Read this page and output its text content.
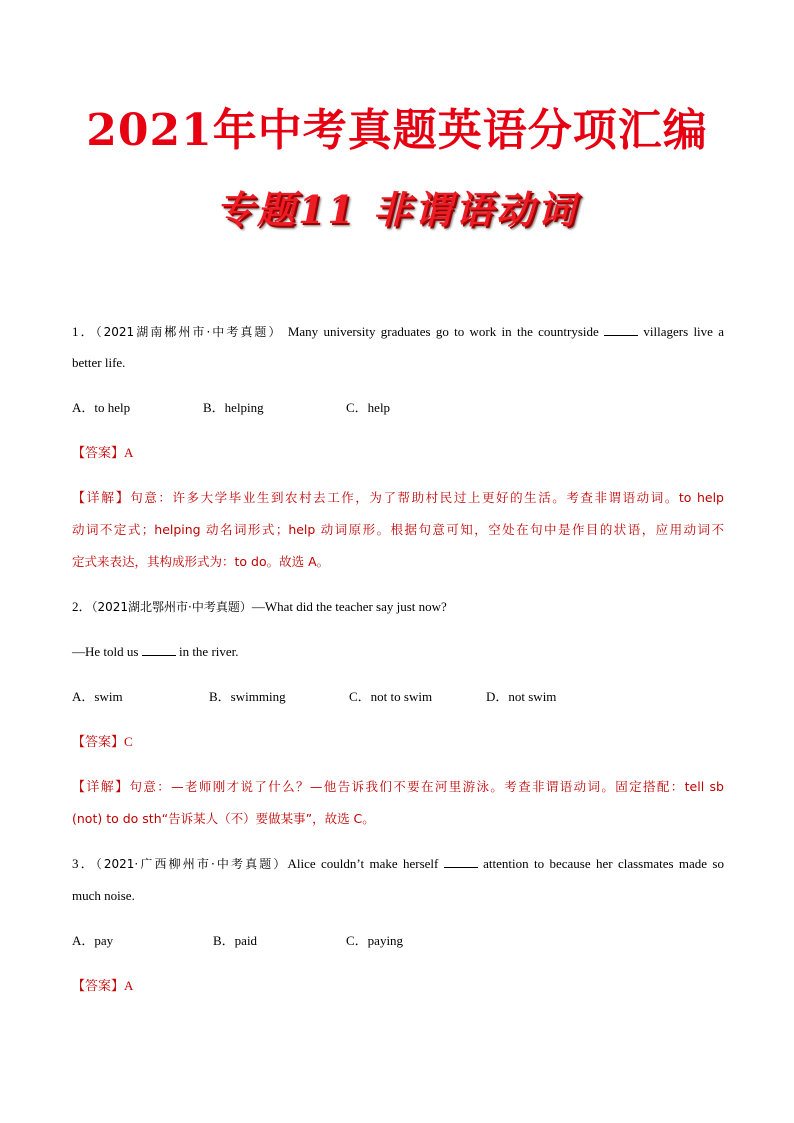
2021年中考真题英语分项汇编
专题11 非谓语动词
1．（2021湖南郴州市·中考真题） Many university graduates go to work in the countryside	villagers live a
better life.
A．to help	B．helping	C．help
【答案】A
【详解】句意：许多大学毕业生到农村去工作，为了帮助村民过上更好的生活。考查非谓语动词。to help
动词不定式；helping 动名词形式；help 动词原形。根据句意可知，空处在句中是作目的状语，应用动词不
定式来表达，其构成形式为：to do。故选 A。
2．（2021湖北鄂州市·中考真题）—What did the teacher say just now?
—He told us	in the river.
A．swim	B．swimming	C．not to swim	D．not swim
【答案】C
【详解】句意：—老师刚才说了什么？—他告诉我们不要在河里游泳。考查非谓语动词。固定搭配：tell sb
(not) to do sth“告诉某人（不）要做某事”，故选 C。
3．（2021·广西柳州市·中考真题）Alice couldn’t make herself	attention to because her classmates made so
much noise.
A．pay	B．paid	C．paying
【答案】A
